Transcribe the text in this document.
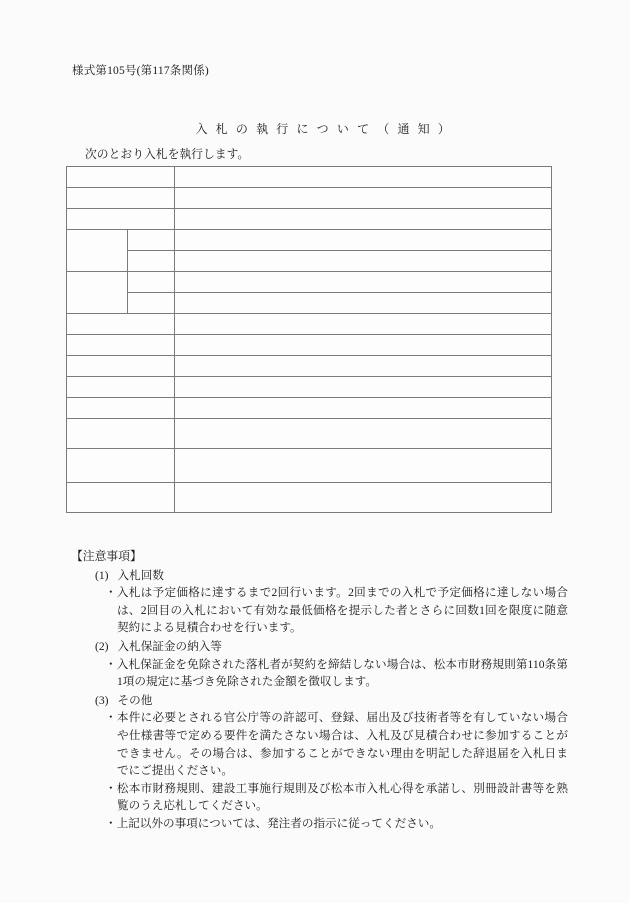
様式第105号(第117条関係)
入 札 の 執 行 に つ い て （ 通 知 ）
次のとおり入札を執行します。

【注意事項】
(1) 入札回数
・入札は予定価格に達するまで2回行います。2回までの入札で予定価格に達しない場合は、2回目の入札において有効な最低価格を提示した者とさらに回数1回を限度に随意契約による見積合わせを行います。
(2) 入札保証金の納入等
・入札保証金を免除された落札者が契約を締結しない場合は、松本市財務規則第110条第1項の規定に基づき免除された金額を徴収します。
(3) その他
・本件に必要とされる官公庁等の許認可、登録、届出及び技術者等を有していない場合や仕様書等で定める要件を満たさない場合は、入札及び見積合わせに参加することができません。その場合は、参加することができない理由を明記した辞退届を入札日までにご提出ください。
・松本市財務規則、建設工事施行規則及び松本市入札心得を承諾し、別冊設計書等を熟覧のうえ応札してください。
・上記以外の事項については、発注者の指示に従ってください。
